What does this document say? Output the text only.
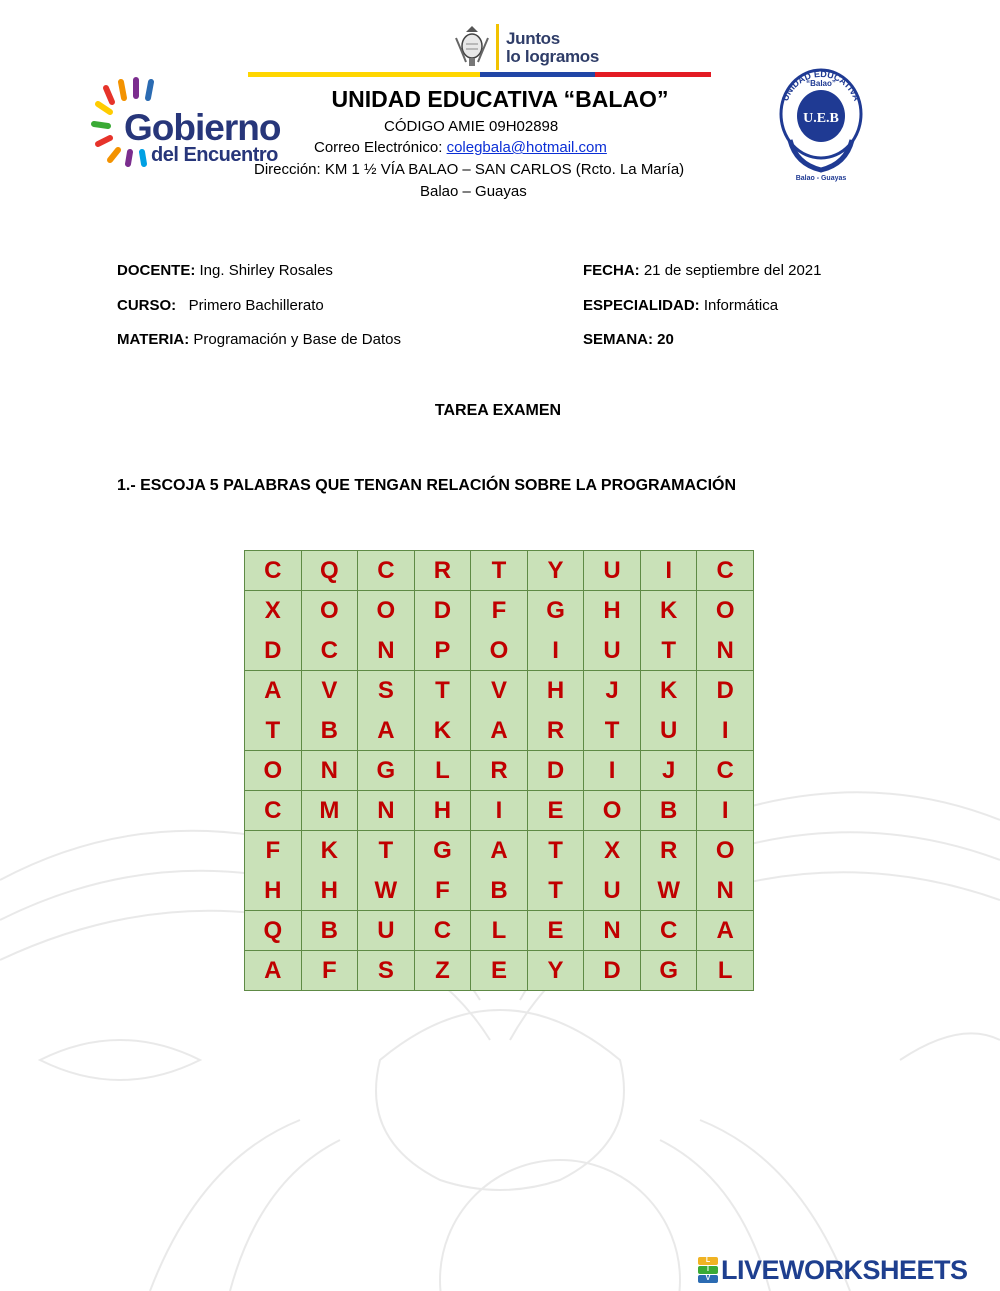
Juntos
lo logramos
Gobierno
del Encuentro
UNIDAD EDUCATIVA
“Balao”
U.E.B
Balao - Guayas
UNIDAD EDUCATIVA “BALAO”
CÓDIGO AMIE 09H02898
Correo Electrónico: colegbala@hotmail.com
Dirección: KM 1 ½ VÍA BALAO – SAN CARLOS (Rcto. La María)
Balao – Guayas
DOCENTE: Ing. Shirley Rosales	FECHA: 21 de septiembre del 2021
CURSO:   Primero Bachillerato	ESPECIALIDAD: Informática
MATERIA: Programación y Base de Datos	SEMANA: 20
TAREA EXAMEN
1.- ESCOJA 5 PALABRAS QUE TENGAN RELACIÓN SOBRE LA PROGRAMACIÓN
C	Q	C	R	T	Y	U	I	C
X	O	O	D	F	G	H	K	O
D	C	N	P	O	I	U	T	N
A	V	S	T	V	H	J	K	D
T	B	A	K	A	R	T	U	I
O	N	G	L	R	D	I	J	C
C	M	N	H	I	E	O	B	I
F	K	T	G	A	T	X	R	O
H	H	W	F	B	T	U	W	N
Q	B	U	C	L	E	N	C	A
A	F	S	Z	E	Y	D	G	L
L
I
V LIVEWORKSHEETS
